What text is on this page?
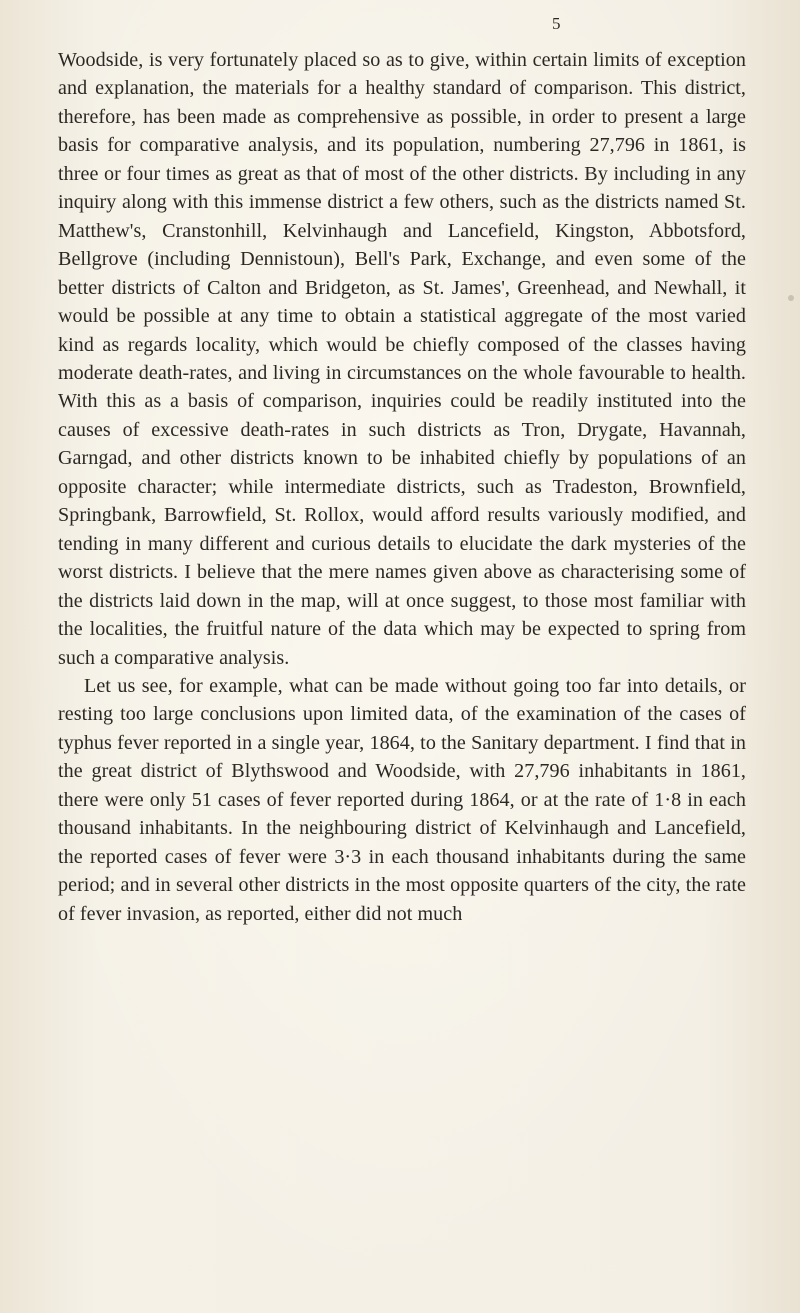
5

Woodside, is very fortunately placed so as to give, within certain limits of exception and explanation, the materials for a healthy standard of comparison. This district, therefore, has been made as comprehensive as possible, in order to present a large basis for comparative analysis, and its population, numbering 27,796 in 1861, is three or four times as great as that of most of the other districts. By including in any inquiry along with this immense district a few others, such as the districts named St. Matthew's, Cranstonhill, Kelvinhaugh and Lancefield, Kingston, Abbotsford, Bellgrove (including Dennistoun), Bell's Park, Exchange, and even some of the better districts of Calton and Bridgeton, as St. James', Greenhead, and Newhall, it would be possible at any time to obtain a statistical aggregate of the most varied kind as regards locality, which would be chiefly composed of the classes having moderate death-rates, and living in circumstances on the whole favourable to health. With this as a basis of comparison, inquiries could be readily instituted into the causes of excessive death-rates in such districts as Tron, Drygate, Havannah, Garngad, and other districts known to be inhabited chiefly by populations of an opposite character; while intermediate districts, such as Tradeston, Brownfield, Springbank, Barrowfield, St. Rollox, would afford results variously modified, and tending in many different and curious details to elucidate the dark mysteries of the worst districts. I believe that the mere names given above as characterising some of the districts laid down in the map, will at once suggest, to those most familiar with the localities, the fruitful nature of the data which may be expected to spring from such a comparative analysis.

Let us see, for example, what can be made without going too far into details, or resting too large conclusions upon limited data, of the examination of the cases of typhus fever reported in a single year, 1864, to the Sanitary department. I find that in the great district of Blythswood and Woodside, with 27,796 inhabitants in 1861, there were only 51 cases of fever reported during 1864, or at the rate of 1·8 in each thousand inhabitants. In the neighbouring district of Kelvinhaugh and Lancefield, the reported cases of fever were 3·3 in each thousand inhabitants during the same period; and in several other districts in the most opposite quarters of the city, the rate of fever invasion, as reported, either did not much
